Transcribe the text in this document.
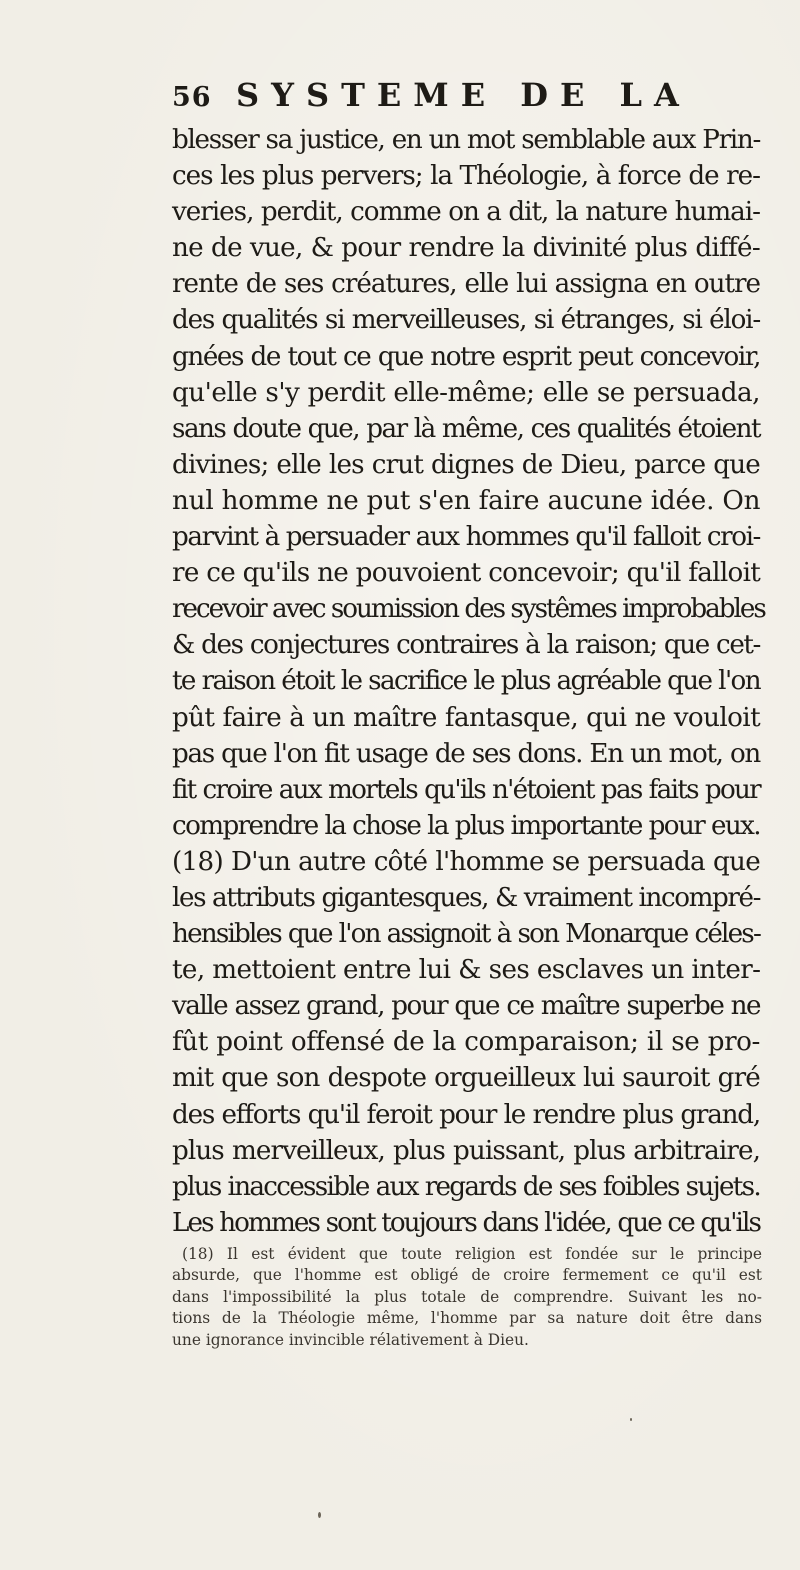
56 SYSTEME DE LA
blesser sa justice, en un mot semblable aux Prin-
ces les plus pervers; la Théologie, à force de re-
veries, perdit, comme on a dit, la nature humai-
ne de vue, & pour rendre la divinité plus diffé-
rente de ses créatures, elle lui assigna en outre
des qualités si merveilleuses, si étranges, si éloi-
gnées de tout ce que notre esprit peut concevoir,
qu'elle s'y perdit elle-même; elle se persuada,
sans doute que, par là même, ces qualités étoient
divines; elle les crut dignes de Dieu, parce que
nul homme ne put s'en faire aucune idée. On
parvint à persuader aux hommes qu'il falloit croi-
re ce qu'ils ne pouvoient concevoir; qu'il falloit
recevoir avec soumission des systêmes improbables
& des conjectures contraires à la raison; que cet-
te raison étoit le sacrifice le plus agréable que l'on
pût faire à un maître fantasque, qui ne vouloit
pas que l'on fit usage de ses dons. En un mot, on
fit croire aux mortels qu'ils n'étoient pas faits pour
comprendre la chose la plus importante pour eux.
(18) D'un autre côté l'homme se persuada que
les attributs gigantesques, & vraiment incompré-
hensibles que l'on assignoit à son Monarque céles-
te, mettoient entre lui & ses esclaves un inter-
valle assez grand, pour que ce maître superbe ne
fût point offensé de la comparaison; il se pro-
mit que son despote orgueilleux lui sauroit gré
des efforts qu'il feroit pour le rendre plus grand,
plus merveilleux, plus puissant, plus arbitraire,
plus inaccessible aux regards de ses foibles sujets.
Les hommes sont toujours dans l'idée, que ce qu'ils
(18) Il est évident que toute religion est fondée sur le principe
absurde, que l'homme est obligé de croire fermement ce qu'il est
dans l'impossibilité la plus totale de comprendre. Suivant les no-
tions de la Théologie même, l'homme par sa nature doit être dans
une ignorance invincible rélativement à Dieu.
